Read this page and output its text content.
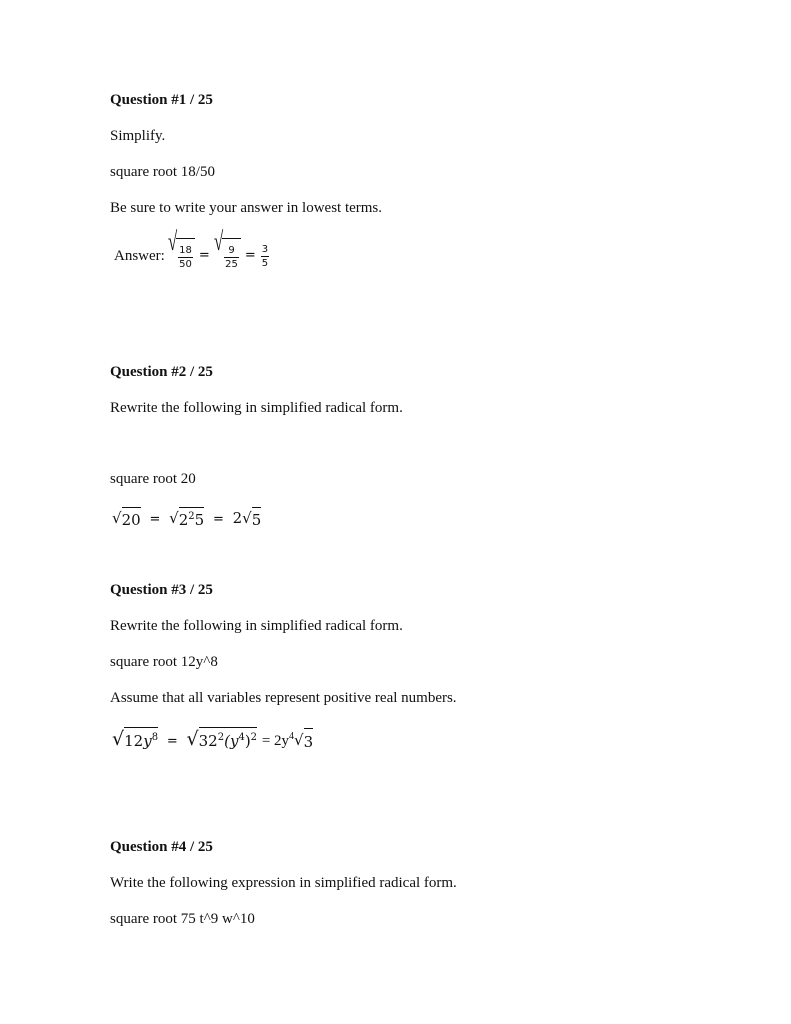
Question #1 / 25
Simplify.
square root 18/50
Be sure to write your answer in lowest terms.
Answer: √
$\frac{18}{50}$ = √
$\frac{9}{25} = \frac{3}{5}$
Question #2 / 25
Rewrite the following in simplified radical form.
square root 20
√ 20 = √ $2^25 = 2$ √ 5
Question #3 / 25
Rewrite the following in simplified radical form.
square root 12y^8
Assume that all variables represent positive real numbers.
√ $12y^8$ = √ $32^2(y^4)^2 = 2y^4$ √ 3
Question #4 / 25
Write the following expression in simplified radical form.
square root 75 t^9 w^10
